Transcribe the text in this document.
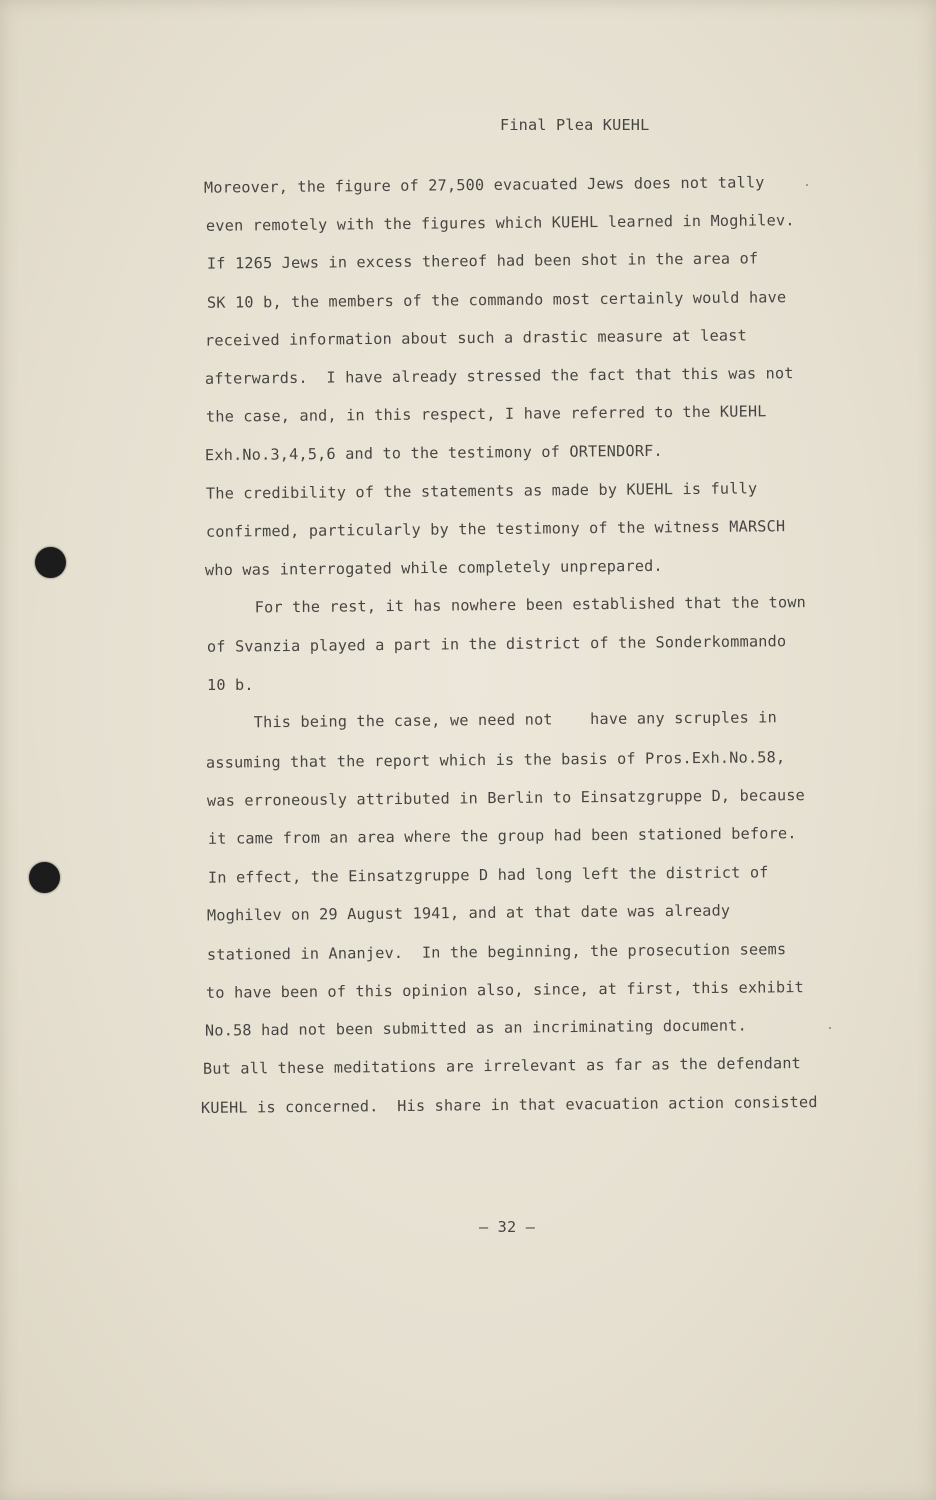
Final Plea KUEHL
Moreover, the figure of 27,500 evacuated Jews does not tally
even remotely with the figures which KUEHL learned in Moghilev.
If 1265 Jews in excess thereof had been shot in the area of
SK 10 b, the members of the commando most certainly would have
received information about such a drastic measure at least
afterwards.  I have already stressed the fact that this was not
the case, and, in this respect, I have referred to the KUEHL
Exh.No.3,4,5,6 and to the testimony of ORTENDORF.
The credibility of the statements as made by KUEHL is fully
confirmed, particularly by the testimony of the witness MARSCH
who was interrogated while completely unprepared.
For the rest, it has nowhere been established that the town
of Svanzia played a part in the district of the Sonderkommando
10 b.
This being the case, we need not    have any scruples in
assuming that the report which is the basis of Pros.Exh.No.58,
was erroneously attributed in Berlin to Einsatzgruppe D, because
it came from an area where the group had been stationed before.
In effect, the Einsatzgruppe D had long left the district of
Moghilev on 29 August 1941, and at that date was already
stationed in Ananjev.  In the beginning, the prosecution seems
to have been of this opinion also, since, at first, this exhibit
No.58 had not been submitted as an incriminating document.
But all these meditations are irrelevant as far as the defendant
KUEHL is concerned.  His share in that evacuation action consisted
– 32 –
